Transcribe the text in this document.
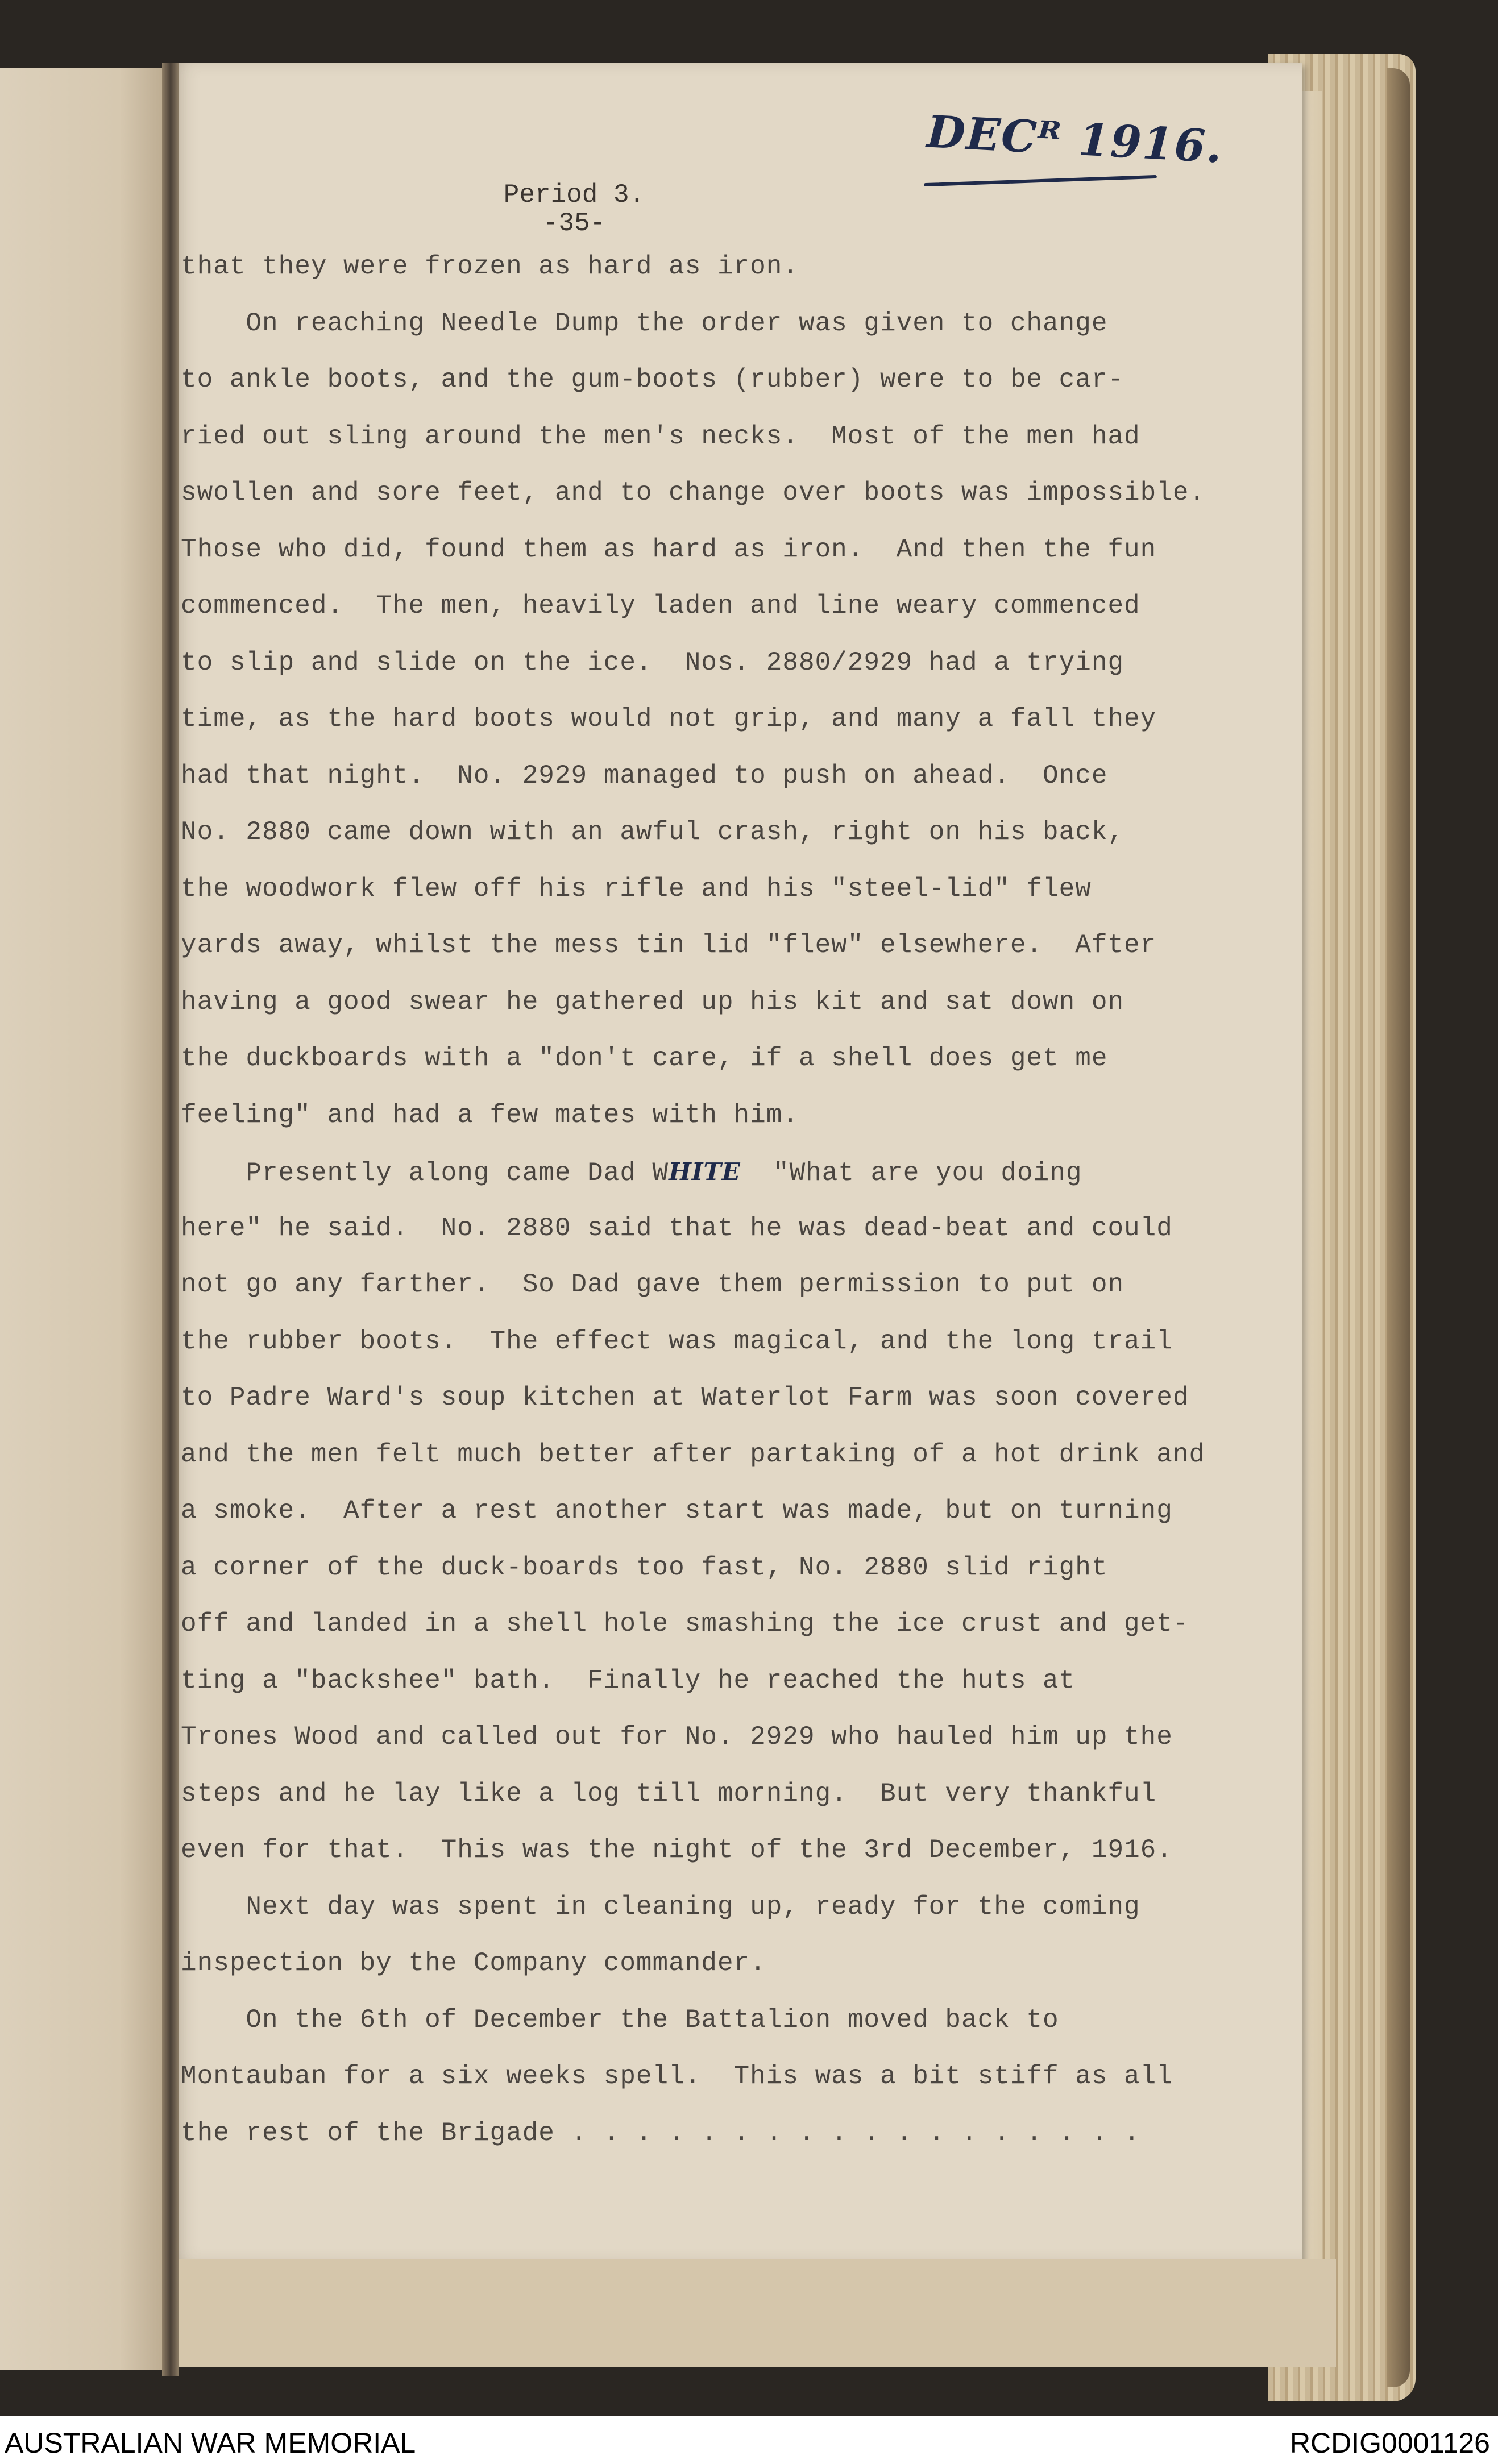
DECᴿ 1916.
Period 3.
-35-
that they were frozen as hard as iron.
On reaching Needle Dump the order was given to change
to ankle boots, and the gum-boots (rubber) were to be car-
ried out sling around the men's necks.  Most of the men had
swollen and sore feet, and to change over boots was impossible.
Those who did, found them as hard as iron.  And then the fun
commenced.  The men, heavily laden and line weary commenced
to slip and slide on the ice.  Nos. 2880/2929 had a trying
time, as the hard boots would not grip, and many a fall they
had that night.  No. 2929 managed to push on ahead.  Once
No. 2880 came down with an awful crash, right on his back,
the woodwork flew off his rifle and his "steel-lid" flew
yards away, whilst the mess tin lid "flew" elsewhere.  After
having a good swear he gathered up his kit and sat down on
the duckboards with a "don't care, if a shell does get me
feeling" and had a few mates with him.
Presently along came Dad WHITE  "What are you doing
here" he said.  No. 2880 said that he was dead-beat and could
not go any farther.  So Dad gave them permission to put on
the rubber boots.  The effect was magical, and the long trail
to Padre Ward's soup kitchen at Waterlot Farm was soon covered
and the men felt much better after partaking of a hot drink and
a smoke.  After a rest another start was made, but on turning
a corner of the duck-boards too fast, No. 2880 slid right
off and landed in a shell hole smashing the ice crust and get-
ting a "backshee" bath.  Finally he reached the huts at
Trones Wood and called out for No. 2929 who hauled him up the
steps and he lay like a log till morning.  But very thankful
even for that.  This was the night of the 3rd December, 1916.
Next day was spent in cleaning up, ready for the coming
inspection by the Company commander.
On the 6th of December the Battalion moved back to
Montauban for a six weeks spell.  This was a bit stiff as all
the rest of the Brigade . . . . . . . . . . . . . . . . . .
AUSTRALIAN WAR MEMORIAL	RCDIG0001126
